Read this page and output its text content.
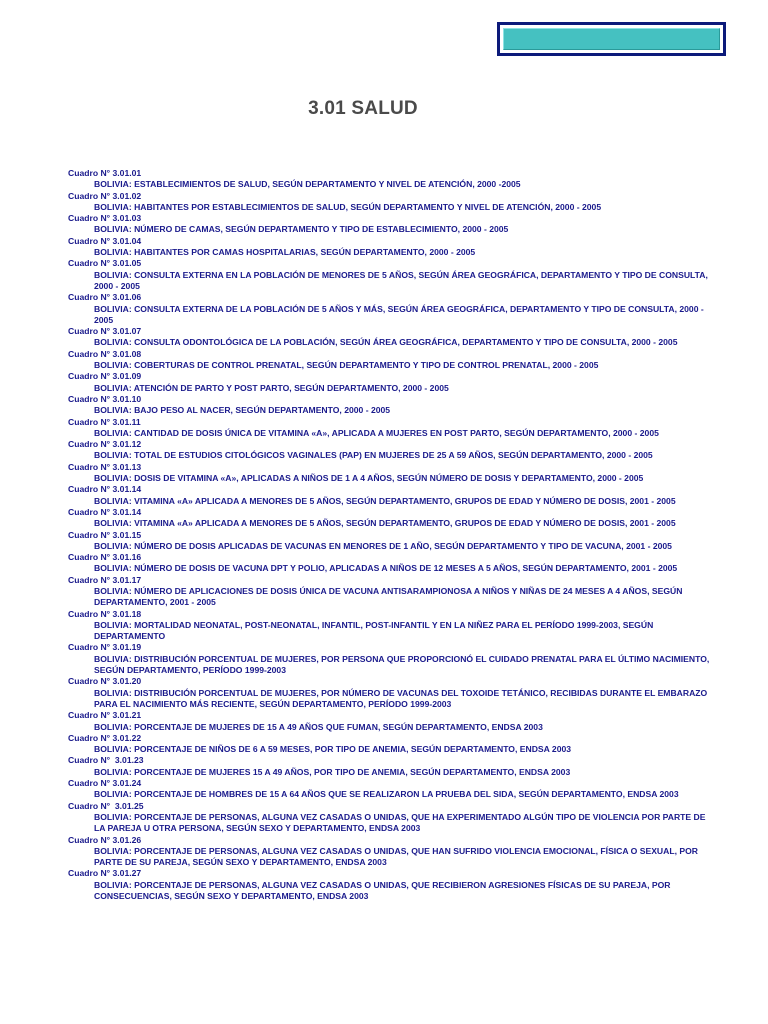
3.01 SALUD
Cuadro N° 3.01.01
BOLIVIA: ESTABLECIMIENTOS DE SALUD, SEGÚN DEPARTAMENTO Y NIVEL DE ATENCIÓN, 2000 -2005
Cuadro N° 3.01.02
BOLIVIA: HABITANTES POR ESTABLECIMIENTOS DE SALUD, SEGÚN DEPARTAMENTO Y NIVEL DE ATENCIÓN, 2000 - 2005
Cuadro N° 3.01.03
BOLIVIA: NÚMERO DE CAMAS, SEGÚN DEPARTAMENTO Y TIPO DE ESTABLECIMIENTO, 2000 - 2005
Cuadro N° 3.01.04
BOLIVIA: HABITANTES POR CAMAS HOSPITALARIAS, SEGÚN DEPARTAMENTO, 2000 - 2005
Cuadro N° 3.01.05
BOLIVIA: CONSULTA EXTERNA EN LA POBLACIÓN DE MENORES DE 5 AÑOS, SEGÚN ÁREA GEOGRÁFICA, DEPARTAMENTO Y TIPO DE CONSULTA, 2000 - 2005
Cuadro N° 3.01.06
BOLIVIA: CONSULTA EXTERNA DE LA POBLACIÓN DE 5 AÑOS Y MÁS, SEGÚN ÁREA GEOGRÁFICA, DEPARTAMENTO Y TIPO DE CONSULTA, 2000 - 2005
Cuadro N° 3.01.07
BOLIVIA: CONSULTA ODONTOLÓGICA DE LA POBLACIÓN, SEGÚN ÁREA GEOGRÁFICA, DEPARTAMENTO Y TIPO DE CONSULTA, 2000 - 2005
Cuadro N° 3.01.08
BOLIVIA: COBERTURAS DE CONTROL PRENATAL, SEGÚN DEPARTAMENTO Y TIPO DE CONTROL PRENATAL, 2000 - 2005
Cuadro N° 3.01.09
BOLIVIA: ATENCIÓN DE PARTO Y POST PARTO, SEGÚN DEPARTAMENTO, 2000 - 2005
Cuadro N° 3.01.10
BOLIVIA: BAJO PESO AL NACER, SEGÚN DEPARTAMENTO, 2000 - 2005
Cuadro N° 3.01.11
BOLIVIA: CANTIDAD DE DOSIS ÚNICA DE VITAMINA «A», APLICADA A MUJERES EN POST PARTO, SEGÚN DEPARTAMENTO, 2000 - 2005
Cuadro N° 3.01.12
BOLIVIA: TOTAL DE ESTUDIOS CITOLÓGICOS VAGINALES (PAP) EN MUJERES DE 25 A 59 AÑOS, SEGÚN DEPARTAMENTO, 2000 - 2005
Cuadro N° 3.01.13
BOLIVIA: DOSIS DE VITAMINA «A», APLICADAS A NIÑOS DE 1 A 4 AÑOS, SEGÚN NÚMERO DE DOSIS Y DEPARTAMENTO, 2000 - 2005
Cuadro N° 3.01.14
BOLIVIA: VITAMINA «A» APLICADA A MENORES DE 5 AÑOS, SEGÚN DEPARTAMENTO, GRUPOS DE EDAD Y NÚMERO DE DOSIS, 2001 - 2005
Cuadro N° 3.01.14
BOLIVIA: VITAMINA «A» APLICADA A MENORES DE 5 AÑOS, SEGÚN DEPARTAMENTO, GRUPOS DE EDAD Y NÚMERO DE DOSIS, 2001 - 2005
Cuadro N° 3.01.15
BOLIVIA: NÚMERO DE DOSIS APLICADAS DE VACUNAS EN MENORES DE 1 AÑO, SEGÚN DEPARTAMENTO Y TIPO DE VACUNA, 2001 - 2005
Cuadro N° 3.01.16
BOLIVIA: NÚMERO DE DOSIS DE VACUNA DPT Y POLIO, APLICADAS A NIÑOS DE 12 MESES A 5 AÑOS, SEGÚN DEPARTAMENTO, 2001 - 2005
Cuadro N° 3.01.17
BOLIVIA: NÚMERO DE APLICACIONES DE DOSIS ÚNICA DE VACUNA ANTISARAMPIONOSA A NIÑOS Y NIÑAS DE 24 MESES A 4 AÑOS, SEGÚN DEPARTAMENTO, 2001 - 2005
Cuadro N° 3.01.18
BOLIVIA: MORTALIDAD NEONATAL, POST-NEONATAL, INFANTIL, POST-INFANTIL Y EN LA NIÑEZ PARA EL PERÍODO 1999-2003, SEGÚN DEPARTAMENTO
Cuadro N° 3.01.19
BOLIVIA: DISTRIBUCIÓN PORCENTUAL DE MUJERES, POR PERSONA QUE PROPORCIONÓ EL CUIDADO PRENATAL PARA EL ÚLTIMO NACIMIENTO, SEGÚN DEPARTAMENTO, PERÍODO 1999-2003
Cuadro N° 3.01.20
BOLIVIA: DISTRIBUCIÓN PORCENTUAL DE MUJERES, POR NÚMERO DE VACUNAS DEL TOXOIDE TETÁNICO, RECIBIDAS DURANTE EL EMBARAZO PARA EL NACIMIENTO MÁS RECIENTE, SEGÚN DEPARTAMENTO, PERÍODO 1999-2003
Cuadro N° 3.01.21
BOLIVIA: PORCENTAJE DE MUJERES DE 15 A 49 AÑOS QUE FUMAN, SEGÚN DEPARTAMENTO, ENDSA 2003
Cuadro N° 3.01.22
BOLIVIA: PORCENTAJE DE NIÑOS DE 6 A 59 MESES, POR TIPO DE ANEMIA, SEGÚN DEPARTAMENTO, ENDSA 2003
Cuadro N°  3.01.23
BOLIVIA: PORCENTAJE DE MUJERES 15 A 49 AÑOS, POR TIPO DE ANEMIA, SEGÚN DEPARTAMENTO, ENDSA 2003
Cuadro N° 3.01.24
BOLIVIA: PORCENTAJE DE HOMBRES DE 15 A 64 AÑOS QUE SE REALIZARON LA PRUEBA DEL SIDA, SEGÚN DEPARTAMENTO, ENDSA 2003
Cuadro N°  3.01.25
BOLIVIA: PORCENTAJE DE PERSONAS, ALGUNA VEZ CASADAS O UNIDAS, QUE HA EXPERIMENTADO ALGÚN TIPO DE VIOLENCIA POR PARTE DE LA PAREJA U OTRA PERSONA, SEGÚN SEXO Y DEPARTAMENTO, ENDSA 2003
Cuadro N° 3.01.26
BOLIVIA: PORCENTAJE DE PERSONAS, ALGUNA VEZ CASADAS O UNIDAS, QUE HAN SUFRIDO VIOLENCIA EMOCIONAL, FÍSICA O SEXUAL, POR PARTE DE SU PAREJA, SEGÚN SEXO Y DEPARTAMENTO, ENDSA 2003
Cuadro N° 3.01.27
BOLIVIA: PORCENTAJE DE PERSONAS, ALGUNA VEZ CASADAS O UNIDAS, QUE RECIBIERON AGRESIONES FÍSICAS DE SU PAREJA, POR CONSECUENCIAS, SEGÚN SEXO Y DEPARTAMENTO, ENDSA 2003
